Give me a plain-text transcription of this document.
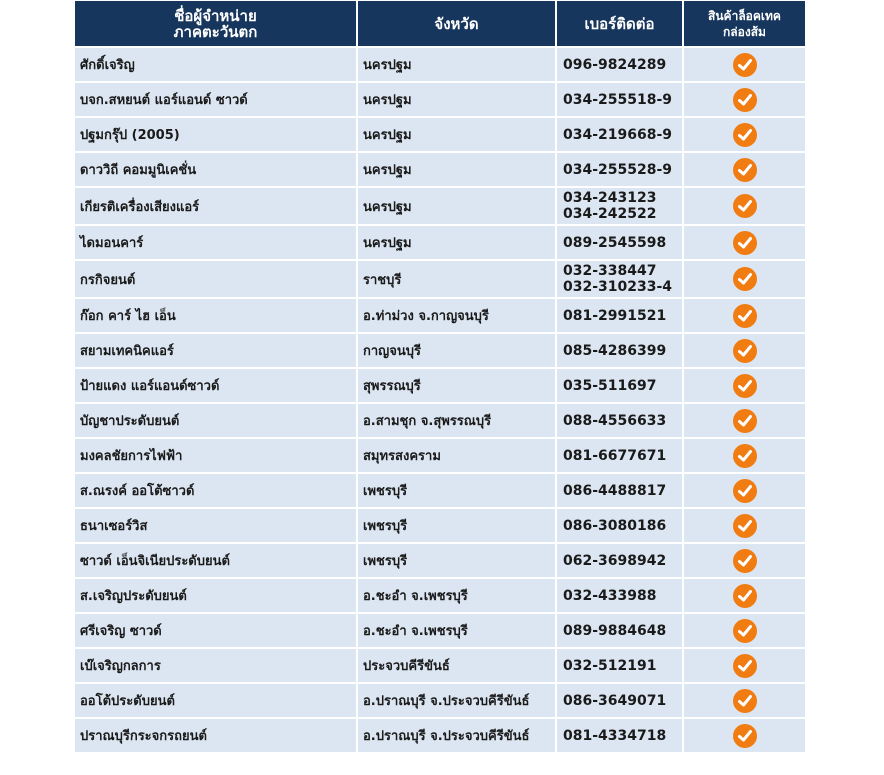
ชื่อผู้จำหน่าย
ภาคตะวันตก	จังหวัด	เบอร์ติดต่อ	สินค้าล็อคเทค
กล่องส้ม

ศักดิ์เจริญ	นครปฐม	096-9824289

บจก.สหยนต์ แอร์แอนด์ ซาวด์	นครปฐม	034-255518-9

ปฐมกรุ๊ป (2005)	นครปฐม	034-219668-9

ดาววิถี คอมมูนิเคชั่น	นครปฐม	034-255528-9

เกียรติเครื่องเสียงแอร์	นครปฐม	034-243123
034-242522

ไดมอนคาร์	นครปฐม	089-2545598

กรกิจยนต์	ราชบุรี	032-338447
032-310233-4

ก๊อก คาร์ ไฮ เอ็น	อ.ท่าม่วง จ.กาญจนบุรี	081-2991521

สยามเทคนิคแอร์	กาญจนบุรี	085-4286399

ป้ายแดง แอร์แอนด์ซาวด์	สุพรรณบุรี	035-511697

บัญชาประดับยนต์	อ.สามชุก จ.สุพรรณบุรี	088-4556633

มงคลชัยการไฟฟ้า	สมุทรสงคราม	081-6677671

ส.ณรงค์ ออโต้ซาวด์	เพชรบุรี	086-4488817

ธนาเซอร์วิส	เพชรบุรี	086-3080186

ซาวด์ เอ็นจิเนียประดับยนต์	เพชรบุรี	062-3698942

ส.เจริญประดับยนต์	อ.ชะอำ จ.เพชรบุรี	032-433988

ศรีเจริญ ซาวด์	อ.ชะอำ จ.เพชรบุรี	089-9884648

เบ๊เจริญกลการ	ประจวบคีรีขันธ์	032-512191

ออโต้ประดับยนต์	อ.ปราณบุรี จ.ประจวบคีรีขันธ์	086-3649071

ปราณบุรีกระจกรถยนต์	อ.ปราณบุรี จ.ประจวบคีรีขันธ์	081-4334718
